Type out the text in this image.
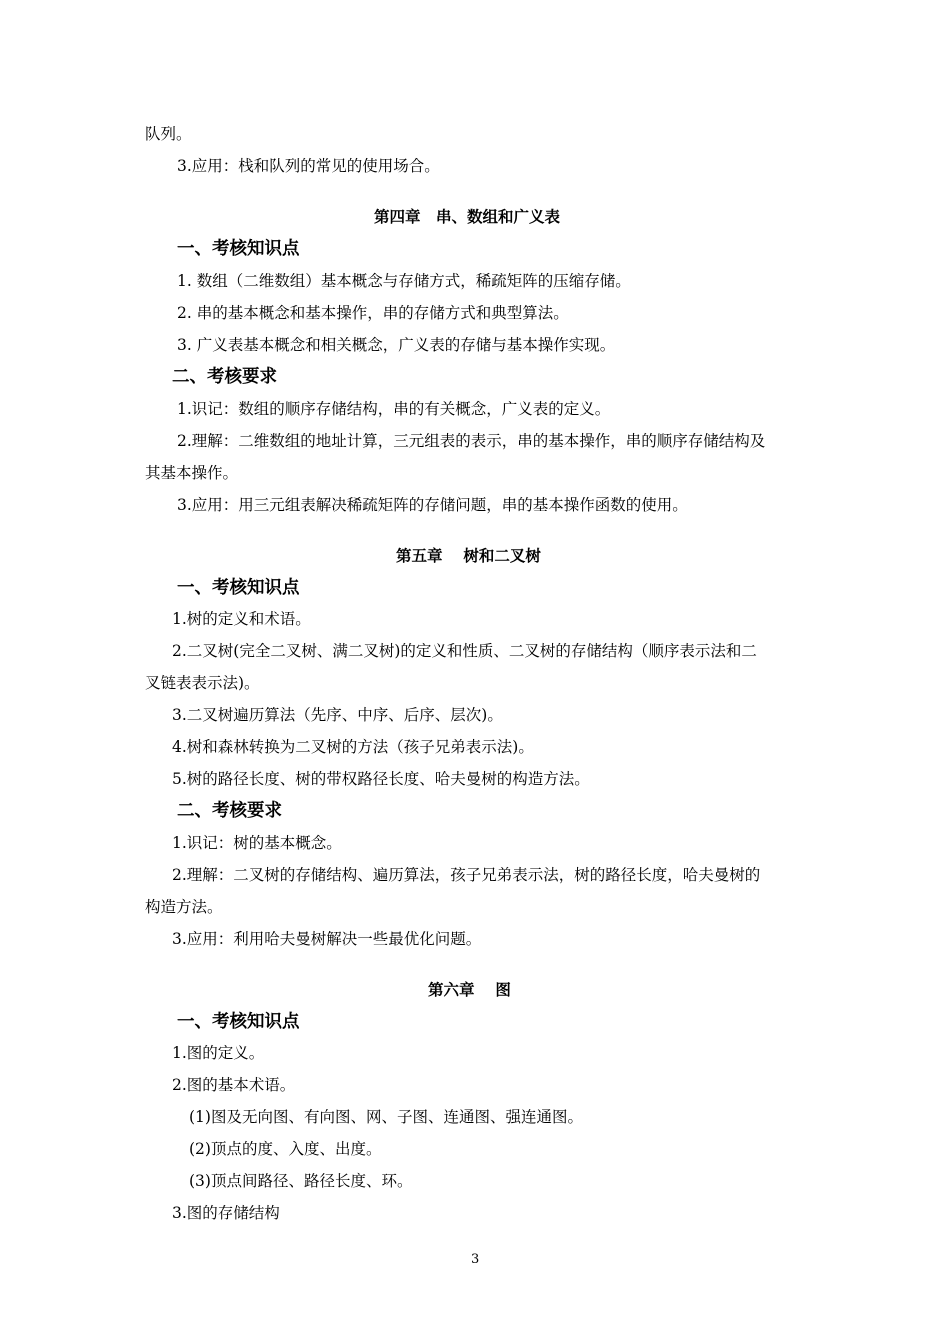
队列。
3.应用：栈和队列的常见的使用场合。
第四章　串、数组和广义表
一、考核知识点
1. 数组（二维数组）基本概念与存储方式，稀疏矩阵的压缩存储。
2. 串的基本概念和基本操作，串的存储方式和典型算法。
3. 广义表基本概念和相关概念，广义表的存储与基本操作实现。
二、考核要求
1.识记：数组的顺序存储结构，串的有关概念，广义表的定义。
2.理解：二维数组的地址计算，三元组表的表示，串的基本操作，串的顺序存储结构及
其基本操作。
3.应用：用三元组表解决稀疏矩阵的存储问题，串的基本操作函数的使用。
第五章　 树和二叉树
一、考核知识点
1.树的定义和术语。
2.二叉树(完全二叉树、满二叉树)的定义和性质、二叉树的存储结构（顺序表示法和二
叉链表表示法)。
3.二叉树遍历算法（先序、中序、后序、层次)。
4.树和森林转换为二叉树的方法（孩子兄弟表示法)。
5.树的路径长度、树的带权路径长度、哈夫曼树的构造方法。
二、考核要求
1.识记：树的基本概念。
2.理解：二叉树的存储结构、遍历算法，孩子兄弟表示法，树的路径长度，哈夫曼树的
构造方法。
3.应用：利用哈夫曼树解决一些最优化问题。
第六章　 图
一、考核知识点
1.图的定义。
2.图的基本术语。
(1)图及无向图、有向图、网、子图、连通图、强连通图。
(2)顶点的度、入度、出度。
(3)顶点间路径、路径长度、环。
3.图的存储结构
3
